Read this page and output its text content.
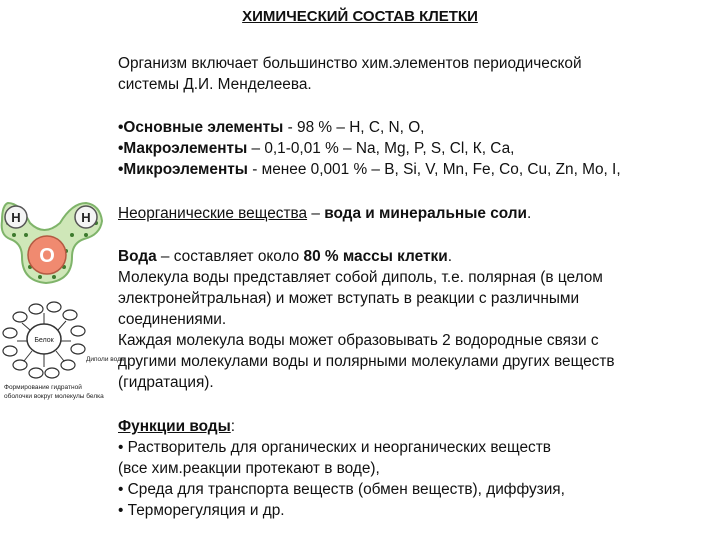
ХИМИЧЕСКИЙ СОСТАВ КЛЕТКИ
Организм включает большинство хим.элементов периодической
системы Д.И. Менделеева.
•Основные элементы - 98 % – Н, С, N, О,
•Макроэлементы – 0,1-0,01 % – Na, Mg, P, S, Cl, К, Са,
•Микроэлементы - менее 0,001 % – В, Si, V, Mn, Fe, Co, Cu, Zn, Mo, I,
Неорганические вещества – вода и минеральные соли.
Вода – составляет около 80 % массы клетки.
Молекула воды представляет собой диполь, т.е. полярная (в целом
электронейтральная) и может вступать в реакции с различными
соединениями.
Каждая молекула воды может образовывать 2 водородные связи с
другими молекулами воды и полярными молекулами других веществ
(гидратация).
Функции воды:
• Растворитель для органических и неорганических веществ
(все хим.реакции протекают в воде),
• Среда для транспорта веществ (обмен веществ), диффузия,
• Терморегуляция и др.
H	H
O
Белок
Диполи воды
Формирование гидратной
оболочки вокруг молекулы белка
